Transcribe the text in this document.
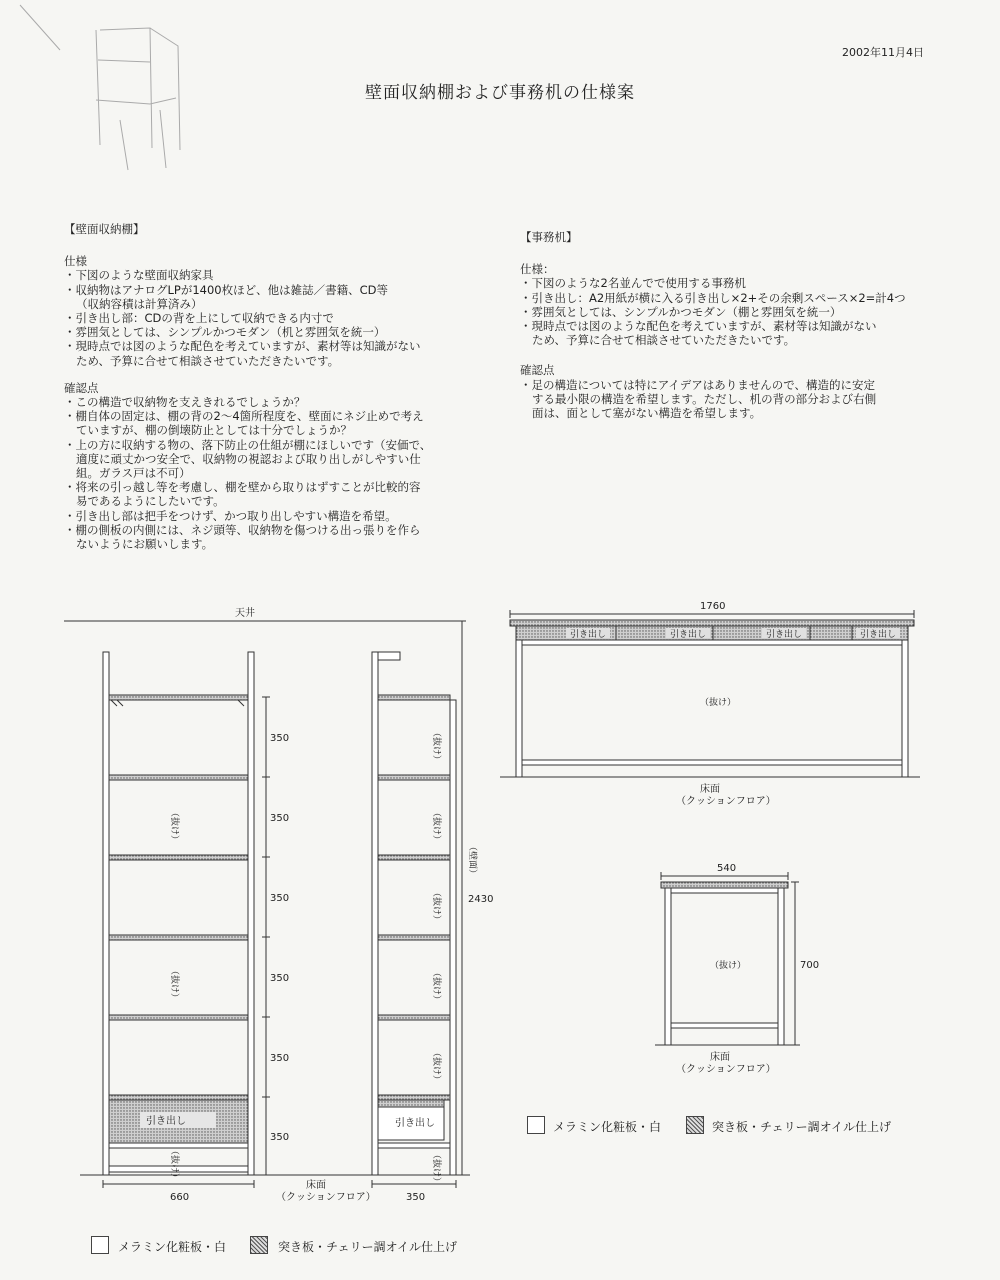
2002年11月4日
壁面収納棚および事務机の仕様案
【壁面収納棚】
仕様
・下図のような壁面収納家具
・収納物はアナログLPが1400枚ほど、他は雑誌／書籍、CD等
（収納容積は計算済み）
・引き出し部：CDの背を上にして収納できる内寸で
・雰囲気としては、シンプルかつモダン（机と雰囲気を統一）
・現時点では図のような配色を考えていますが、素材等は知識がない
ため、予算に合せて相談させていただきたいです。
確認点
・この構造で収納物を支えきれるでしょうか？
・棚自体の固定は、棚の背の2〜4箇所程度を、壁面にネジ止めで考え
ていますが、棚の倒壊防止としては十分でしょうか？
・上の方に収納する物の、落下防止の仕組が棚にほしいです（安価で、
適度に頑丈かつ安全で、収納物の視認および取り出しがしやすい仕
組。ガラス戸は不可）
・将来の引っ越し等を考慮し、棚を壁から取りはずすことが比較的容
易であるようにしたいです。
・引き出し部は把手をつけず、かつ取り出しやすい構造を希望。
・棚の側板の内側には、ネジ頭等、収納物を傷つける出っ張りを作ら
ないようにお願いします。
【事務机】
仕様：
・下図のような2名並んでで使用する事務机
・引き出し：A2用紙が横に入る引き出し×2+その余剰スペース×2=計4つ
・雰囲気としては、シンプルかつモダン（棚と雰囲気を統一）
・現時点では図のような配色を考えていますが、素材等は知識がない
ため、予算に合せて相談させていただきたいです。
確認点
・足の構造については特にアイデアはありませんので、構造的に安定
する最小限の構造を希望します。ただし、机の背の部分および右側
面は、面として塞がない構造を希望します。
天井
引き出し
（抜け）
（抜け）
（抜け）
350
350
350
350
350
350
660
床面
（クッションフロア）
引き出し
（抜け）
（抜け）
（抜け）
（抜け）
（抜け）
（抜け）
（壁面）
2430
350
1760
引き出し	引き出し	引き出し	引き出し
（抜け）
床面
（クッションフロア）
540
（抜け）	700
床面
（クッションフロア）
メラミン化粧板・白	突き板・チェリー調オイル仕上げ
メラミン化粧板・白	突き板・チェリー調オイル仕上げ
